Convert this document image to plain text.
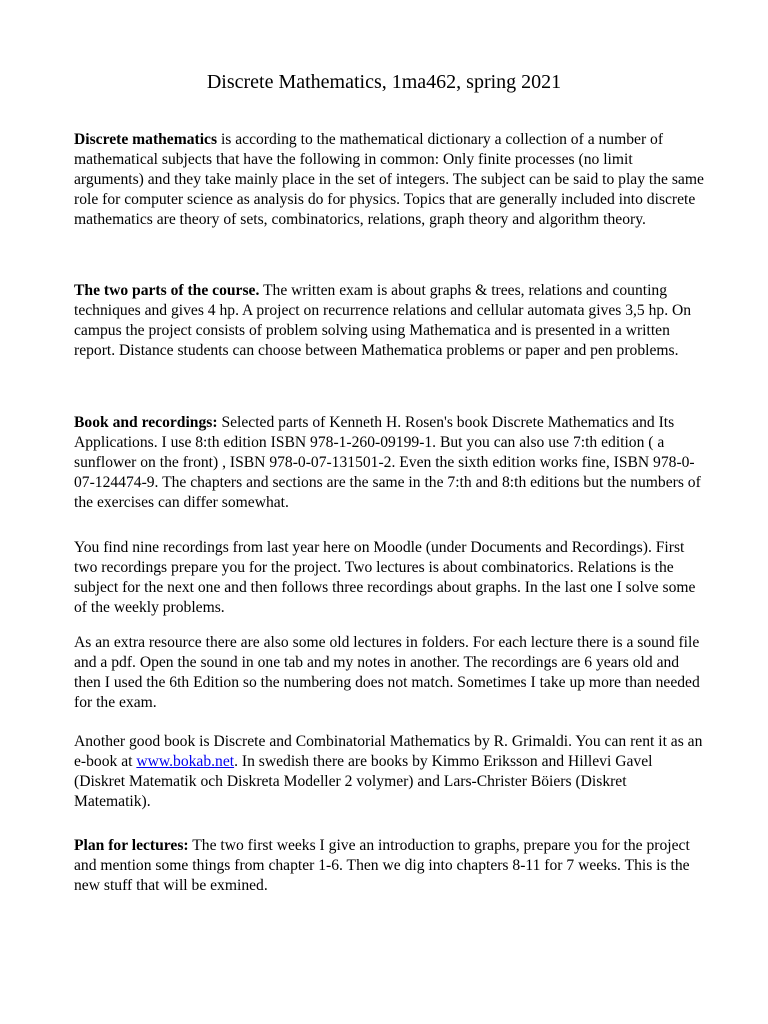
Discrete Mathematics, 1ma462, spring 2021

Discrete mathematics is according to the mathematical dictionary a collection of a number of mathematical subjects that have the following in common: Only finite processes (no limit arguments) and they take mainly place in the set of integers. The subject can be said to play the same role for computer science as analysis do for physics. Topics that are generally included into discrete mathematics are theory of sets, combinatorics, relations, graph theory and algorithm theory.

The two parts of the course. The written exam is about graphs & trees, relations and counting techniques and gives 4 hp. A project on recurrence relations and cellular automata gives 3,5 hp. On campus the project consists of problem solving using Mathematica and is presented in a written report. Distance students can choose between Mathematica problems or paper and pen problems.

Book and recordings: Selected parts of Kenneth H. Rosen's book Discrete Mathematics and Its Applications. I use 8:th edition ISBN 978-1-260-09199-1. But you can also use 7:th edition ( a sunflower on the front) , ISBN 978-0-07-131501-2. Even the sixth edition works fine, ISBN 978-0-07-124474-9. The chapters and sections are the same in the 7:th and 8:th editions but the numbers of the exercises can differ somewhat.

You find nine recordings from last year here on Moodle (under Documents and Recordings). First two recordings prepare you for the project. Two lectures is about combinatorics. Relations is the subject for the next one and then follows three recordings about graphs. In the last one I solve some of the weekly problems.

As an extra resource there are also some old lectures in folders. For each lecture there is a sound file and a pdf. Open the sound in one tab and my notes in another. The recordings are 6 years old and then I used the 6th Edition so the numbering does not match. Sometimes I take up more than needed for the exam.

Another good book is Discrete and Combinatorial Mathematics by R. Grimaldi. You can rent it as an e-book at www.bokab.net. In swedish there are books by Kimmo Eriksson and Hillevi Gavel (Diskret Matematik och Diskreta Modeller 2 volymer) and Lars-Christer Böiers (Diskret Matematik).

Plan for lectures: The two first weeks I give an introduction to graphs, prepare you for the project and mention some things from chapter 1-6. Then we dig into chapters 8-11 for 7 weeks. This is the new stuff that will be exmined.
